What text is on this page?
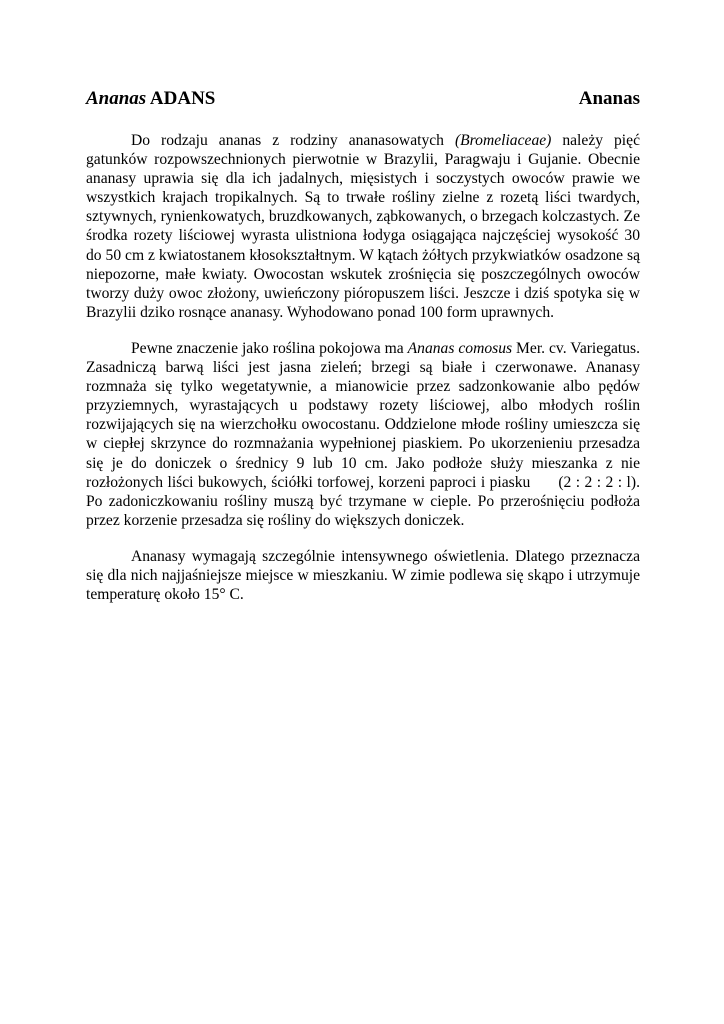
Ananas ADANS	Ananas

Do rodzaju ananas z rodziny ananasowatych (Bromeliaceae) należy pięć gatunków rozpowszechnionych pierwotnie w Brazylii, Paragwaju i Gujanie. Obecnie ananasy uprawia się dla ich jadalnych, mięsistych i soczystych owoców prawie we wszystkich krajach tropikalnych. Są to trwałe rośliny zielne z rozetą liści twardych, sztywnych, rynienkowatych, bruzdkowanych, ząbkowanych, o brzegach kolczastych. Ze środka rozety liściowej wyrasta ulistniona łodyga osiągająca najczęściej wysokość 30 do 50 cm z kwiatostanem kłosokształtnym. W kątach żółtych przykwiatków osadzone są niepozorne, małe kwiaty. Owocostan wskutek zrośnięcia się poszczególnych owoców tworzy duży owoc złożony, uwieńczony pióropuszem liści. Jeszcze i dziś spotyka się w Brazylii dziko rosnące ananasy. Wyhodowano ponad 100 form uprawnych.

Pewne znaczenie jako roślina pokojowa ma Ananas comosus Mer. cv. Variegatus. Zasadniczą barwą liści jest jasna zieleń; brzegi są białe i czerwonawe. Ananasy rozmnaża się tylko wegetatywnie, a mianowicie przez sadzonkowanie albo pędów przyziemnych, wyrastających u podstawy rozety liściowej, albo młodych roślin rozwijających się na wierzchołku owocostanu. Oddzielone młode rośliny umieszcza się w ciepłej skrzynce do rozmnażania wypełnionej piaskiem. Po ukorzenieniu przesadza się je do doniczek o średnicy 9 lub 10 cm. Jako podłoże służy mieszanka z nie rozłożonych liści bukowych, ściółki torfowej, korzeni paproci i piasku (2 : 2 : 2 : l). Po zadoniczkowaniu rośliny muszą być trzymane w cieple. Po przerośnięciu podłoża przez korzenie przesadza się rośliny do większych doniczek.

Ananasy wymagają szczególnie intensywnego oświetlenia. Dlatego przeznacza się dla nich najjaśniejsze miejsce w mieszkaniu. W zimie podlewa się skąpo i utrzymuje temperaturę około 15° C.
